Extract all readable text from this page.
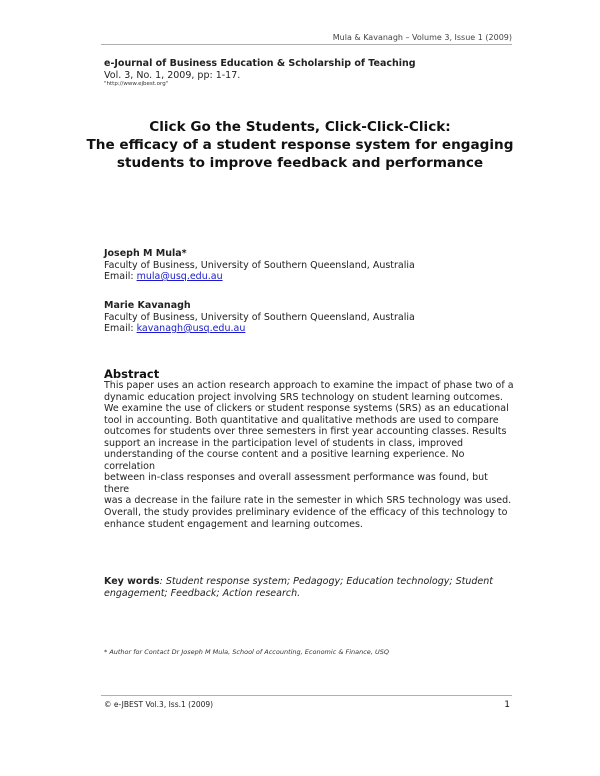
Mula & Kavanagh – Volume 3, Issue 1 (2009)
e-Journal of Business Education & Scholarship of Teaching
Vol. 3, No. 1, 2009, pp: 1-17.
"http://www.ejbest.org"
Click Go the Students, Click-Click-Click:
The efficacy of a student response system for engaging
students to improve feedback and performance
Joseph M Mula*
Faculty of Business, University of Southern Queensland, Australia
Email: mula@usq.edu.au
Marie Kavanagh
Faculty of Business, University of Southern Queensland, Australia
Email: kavanagh@usq.edu.au
Abstract
This paper uses an action research approach to examine the impact of phase two of a
dynamic education project involving SRS technology on student learning outcomes.
We examine the use of clickers or student response systems (SRS) as an educational
tool in accounting. Both quantitative and qualitative methods are used to compare
outcomes for students over three semesters in first year accounting classes. Results
support an increase in the participation level of students in class, improved
understanding of the course content and a positive learning experience. No correlation
between in-class responses and overall assessment performance was found, but there
was a decrease in the failure rate in the semester in which SRS technology was used.
Overall, the study provides preliminary evidence of the efficacy of this technology to
enhance student engagement and learning outcomes.
Key words: Student response system; Pedagogy; Education technology; Student engagement; Feedback; Action research.
* Author for Contact Dr Joseph M Mula, School of Accounting, Economic & Finance, USQ
© e-JBEST Vol.3, Iss.1 (2009)	1
